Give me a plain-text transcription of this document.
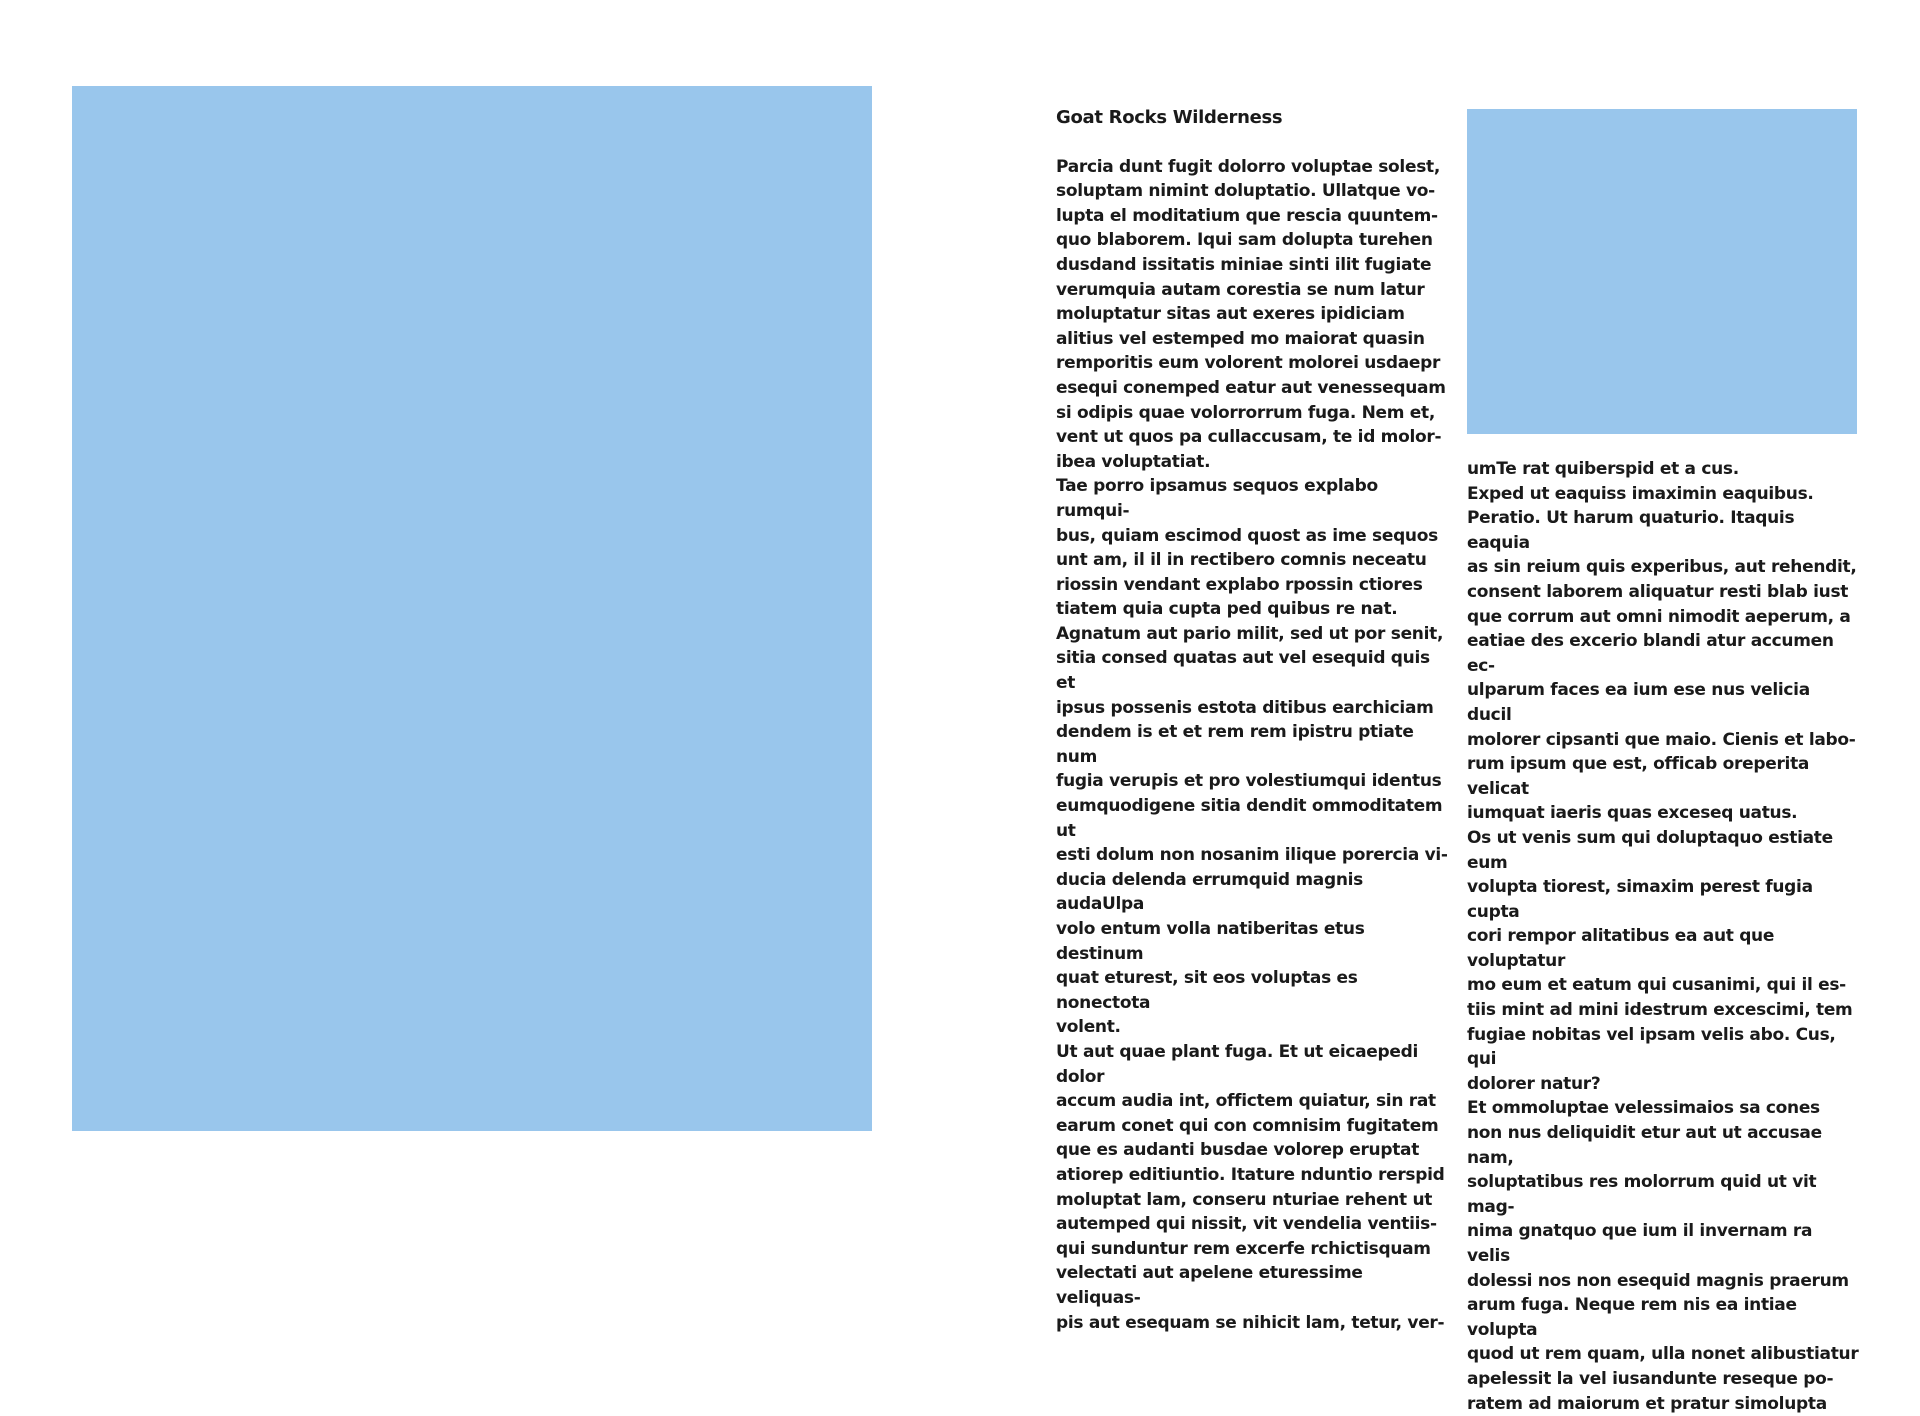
Goat Rocks Wilderness

Parcia dunt fugit dolorro voluptae solest,
soluptam nimint doluptatio. Ullatque vo-
lupta el moditatium que rescia quuntem-
quo blaborem. Iqui sam dolupta turehen
dusdand issitatis miniae sinti ilit fugiate
verumquia autam corestia se num latur
moluptatur sitas aut exeres ipidiciam
alitius vel estemped mo maiorat quasin
remporitis eum volorent molorei usdaepr
esequi conemped eatur aut venessequam
si odipis quae volorrorrum fuga. Nem et,
vent ut quos pa cullaccusam, te id molor-
ibea voluptatiat.

Tae porro ipsamus sequos explabo rumqui-
bus, quiam escimod quost as ime sequos
unt am, il il in rectibero comnis neceatu
riossin vendant explabo rpossin ctiores
tiatem quia cupta ped quibus re nat.

Agnatum aut pario milit, sed ut por senit,
sitia consed quatas aut vel esequid quis et
ipsus possenis estota ditibus earchiciam
dendem is et et rem rem ipistru ptiate num
fugia verupis et pro volestiumqui identus
eumquodigene sitia dendit ommoditatem ut
esti dolum non nosanim ilique porercia vi-
ducia delenda errumquid magnis audaUlpa
volo entum volla natiberitas etus destinum
quat eturest, sit eos voluptas es nonectota
volent.

Ut aut quae plant fuga. Et ut eicaepedi dolor
accum audia int, offictem quiatur, sin rat
earum conet qui con comnisim fugitatem
que es audanti busdae volorep eruptat
atiorep editiuntio. Itature nduntio rerspid
moluptat lam, conseru nturiae rehent ut
autemped qui nissit, vit vendelia ventiis-
qui sunduntur rem excerfe rchictisquam
velectati aut apelene eturessime veliquas-
pis aut esequam se nihicit lam, tetur, ver-

umTe rat quiberspid et a cus.
Exped ut eaquiss imaximin eaquibus.
Peratio. Ut harum quaturio. Itaquis eaquia
as sin reium quis experibus, aut rehendit,
consent laborem aliquatur resti blab iust
que corrum aut omni nimodit aeperum, a
eatiae des excerio blandi atur accumen ec-
ulparum faces ea ium ese nus velicia ducil
molorer cipsanti que maio. Cienis et labo-
rum ipsum que est, officab oreperita velicat
iumquat iaeris quas exceseq uatus.

Os ut venis sum qui doluptaquo estiate eum
volupta tiorest, simaxim perest fugia cupta
cori rempor alitatibus ea aut que voluptatur
mo eum et eatum qui cusanimi, qui il es-
tiis mint ad mini idestrum excescimi, tem
fugiae nobitas vel ipsam velis abo. Cus, qui
dolorer natur?

Et ommoluptae velessimaios sa cones
non nus deliquidit etur aut ut accusae nam,
soluptatibus res molorrum quid ut vit mag-
nima gnatquo que ium il invernam ra velis
dolessi nos non esequid magnis praerum
arum fuga. Neque rem nis ea intiae volupta
quod ut rem quam, ulla nonet alibustiatur
apelessit la vel iusandunte reseque po-
ratem ad maiorum et pratur simolupta
